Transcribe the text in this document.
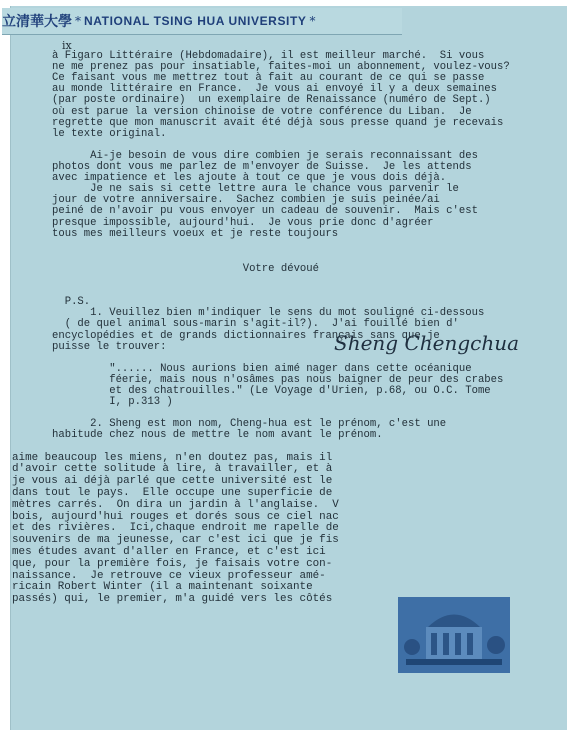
立清華大學 * NATIONAL TSING HUA UNIVERSITY *
ix
à Figaro Littéraire (Hebdomadaire), il est meilleur marché.  Si vous
ne me prenez pas pour insatiable, faites-moi un abonnement, voulez-vous?
Ce faisant vous me mettrez tout à fait au courant de ce qui se passe
au monde littéraire en France.  Je vous ai envoyé il y a deux semaines
(par poste ordinaire)  un exemplaire de Renaissance (numéro de Sept.)
où est parue la version chinoise de votre conférence du Liban.  Je
regrette que mon manuscrit avait été déjà sous presse quand je recevais
le texte original.
Ai-je besoin de vous dire combien je serais reconnaissant des
photos dont vous me parlez de m'envoyer de Suisse.  Je les attends
avec impatience et les ajoute à tout ce que je vous dois déjà.
Je ne sais si cette lettre aura le chance vous parvenir le
jour de votre anniversaire.  Sachez combien je suis peinée/ai
peiné de n'avoir pu vous envoyer un cadeau de souvenir.  Mais c'est
presque impossible, aujourd'hui.  Je vous prie donc d'agréer
tous mes meilleurs voeux et je reste toujours
Votre dévoué
P.S.
1. Veuillez bien m'indiquer le sens du mot souligné ci-dessous
( de quel animal sous-marin s'agit-il?).  J'ai fouillé bien d'
encyclopédies et de grands dictionnaires français sans que je
puisse le trouver:
"...... Nous aurions bien aimé nager dans cette océanique
féerie, mais nous n'osâmes pas nous baigner de peur des crabes
et des chatrouilles." (Le Voyage d'Urien, p.68, ou O.C. Tome
I, p.313 )
2. Sheng est mon nom, Cheng-hua est le prénom, c'est une
habitude chez nous de mettre le nom avant le prénom.
aime beaucoup les miens, n'en doutez pas, mais il
d'avoir cette solitude à lire, à travailler, et à
je vous ai déjà parlé que cette université est le
dans tout le pays.  Elle occupe une superficie de
mètres carrés.  On dira un jardin à l'anglaise.  V
bois, aujourd'hui rouges et dorés sous ce ciel nac
et des rivières.  Ici,chaque endroit me rapelle de
souvenirs de ma jeunesse, car c'est ici que je fis
mes études avant d'aller en France, et c'est ici
que, pour la première fois, je faisais votre con-
naissance.  Je retrouve ce vieux professeur amé-
ricain Robert Winter (il a maintenant soixante
passés) qui, le premier, m'a guidé vers les côtés
Sheng Chengchua
